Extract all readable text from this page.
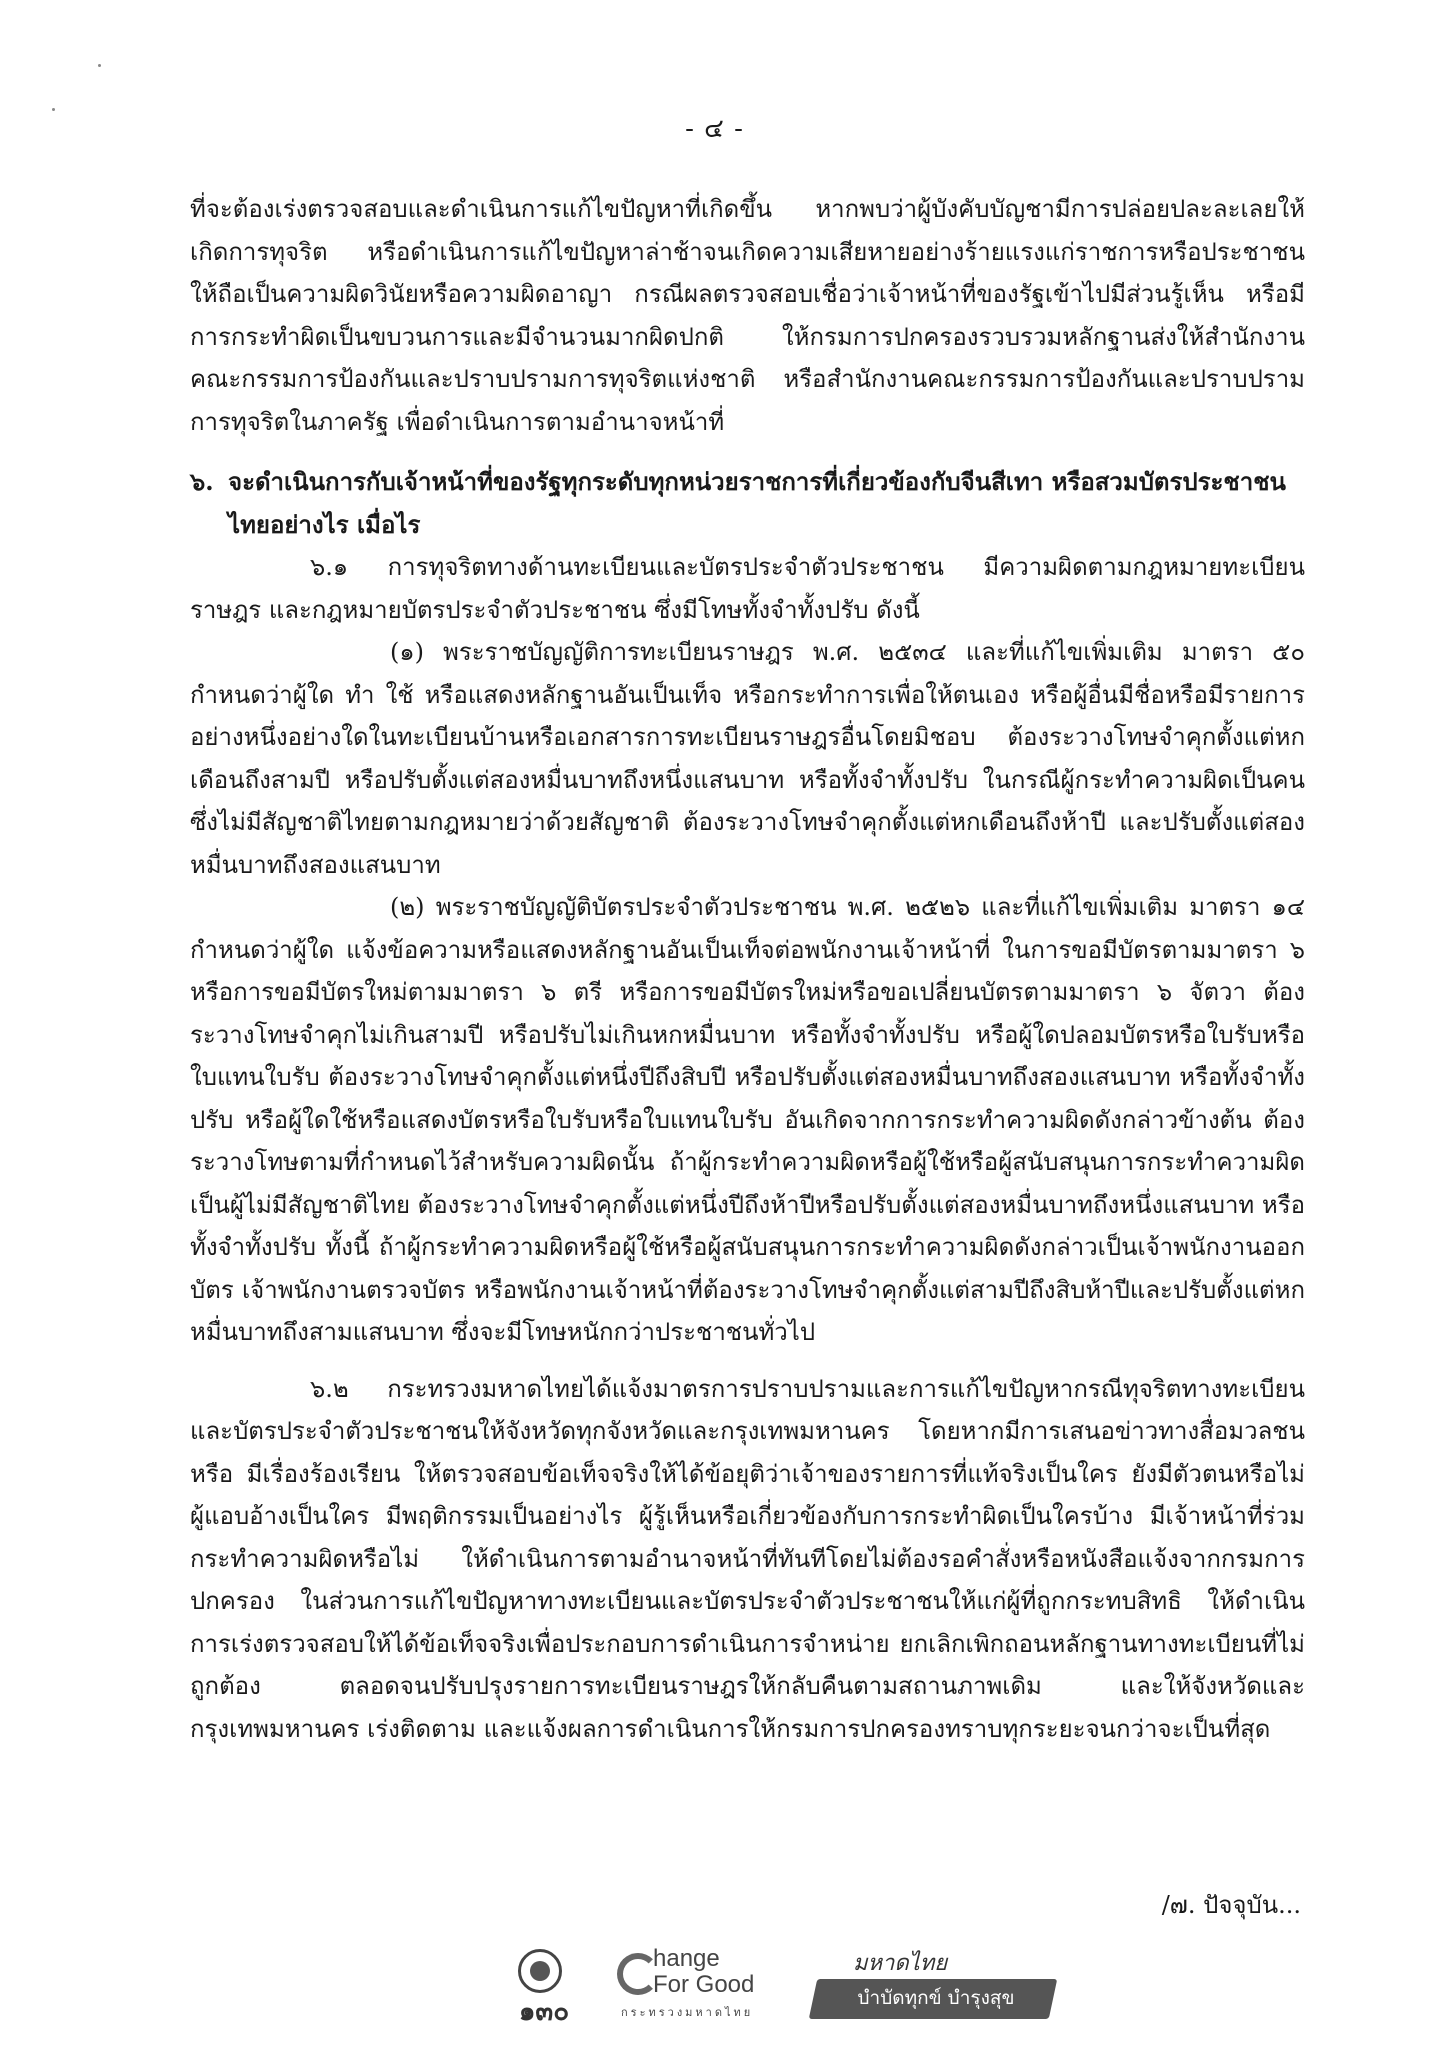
- ๔ -

ที่จะต้องเร่งตรวจสอบและดำเนินการแก้ไขปัญหาที่เกิดขึ้น หากพบว่าผู้บังคับบัญชามีการปล่อยปละละเลยให้เกิดการทุจริต หรือดำเนินการแก้ไขปัญหาล่าช้าจนเกิดความเสียหายอย่างร้ายแรงแก่ราชการหรือประชาชน ให้ถือเป็นความผิดวินัยหรือความผิดอาญา กรณีผลตรวจสอบเชื่อว่าเจ้าหน้าที่ของรัฐเข้าไปมีส่วนรู้เห็น หรือมีการกระทำผิดเป็นขบวนการและมีจำนวนมากผิดปกติ ให้กรมการปกครองรวบรวมหลักฐานส่งให้สำนักงานคณะกรรมการป้องกันและปราบปรามการทุจริตแห่งชาติ หรือสำนักงานคณะกรรมการป้องกันและปราบปรามการทุจริตในภาครัฐ เพื่อดำเนินการตามอำนาจหน้าที่

๖. จะดำเนินการกับเจ้าหน้าที่ของรัฐทุกระดับทุกหน่วยราชการที่เกี่ยวข้องกับจีนสีเทา หรือสวมบัตรประชาชนไทยอย่างไร เมื่อไร

๖.๑ การทุจริตทางด้านทะเบียนและบัตรประจำตัวประชาชน มีความผิดตามกฎหมายทะเบียนราษฎร และกฎหมายบัตรประจำตัวประชาชน ซึ่งมีโทษทั้งจำทั้งปรับ ดังนี้

(๑) พระราชบัญญัติการทะเบียนราษฎร พ.ศ. ๒๕๓๔ และที่แก้ไขเพิ่มเติม มาตรา ๕๐ กำหนดว่าผู้ใด ทำ ใช้ หรือแสดงหลักฐานอันเป็นเท็จ หรือกระทำการเพื่อให้ตนเอง หรือผู้อื่นมีชื่อหรือมีรายการอย่างหนึ่งอย่างใดในทะเบียนบ้านหรือเอกสารการทะเบียนราษฎรอื่นโดยมิชอบ ต้องระวางโทษจำคุกตั้งแต่หกเดือนถึงสามปี หรือปรับตั้งแต่สองหมื่นบาทถึงหนึ่งแสนบาท หรือทั้งจำทั้งปรับ ในกรณีผู้กระทำความผิดเป็นคนซึ่งไม่มีสัญชาติไทยตามกฎหมายว่าด้วยสัญชาติ ต้องระวางโทษจำคุกตั้งแต่หกเดือนถึงห้าปี และปรับตั้งแต่สองหมื่นบาทถึงสองแสนบาท

(๒) พระราชบัญญัติบัตรประจำตัวประชาชน พ.ศ. ๒๕๒๖ และที่แก้ไขเพิ่มเติม มาตรา ๑๔ กำหนดว่าผู้ใด แจ้งข้อความหรือแสดงหลักฐานอันเป็นเท็จต่อพนักงานเจ้าหน้าที่ ในการขอมีบัตรตามมาตรา ๖ หรือการขอมีบัตรใหม่ตามมาตรา ๖ ตรี หรือการขอมีบัตรใหม่หรือขอเปลี่ยนบัตรตามมาตรา ๖ จัตวา ต้องระวางโทษจำคุกไม่เกินสามปี หรือปรับไม่เกินหกหมื่นบาท หรือทั้งจำทั้งปรับ หรือผู้ใดปลอมบัตรหรือใบรับหรือใบแทนใบรับ ต้องระวางโทษจำคุกตั้งแต่หนึ่งปีถึงสิบปี หรือปรับตั้งแต่สองหมื่นบาทถึงสองแสนบาท หรือทั้งจำทั้งปรับ หรือผู้ใดใช้หรือแสดงบัตรหรือใบรับหรือใบแทนใบรับ อันเกิดจากการกระทำความผิดดังกล่าวข้างต้น ต้องระวางโทษตามที่กำหนดไว้สำหรับความผิดนั้น ถ้าผู้กระทำความผิดหรือผู้ใช้หรือผู้สนับสนุนการกระทำความผิดเป็นผู้ไม่มีสัญชาติไทย ต้องระวางโทษจำคุกตั้งแต่หนึ่งปีถึงห้าปีหรือปรับตั้งแต่สองหมื่นบาทถึงหนึ่งแสนบาท หรือทั้งจำทั้งปรับ ทั้งนี้ ถ้าผู้กระทำความผิดหรือผู้ใช้หรือผู้สนับสนุนการกระทำความผิดดังกล่าวเป็นเจ้าพนักงานออกบัตร เจ้าพนักงานตรวจบัตร หรือพนักงานเจ้าหน้าที่ต้องระวางโทษจำคุกตั้งแต่สามปีถึงสิบห้าปีและปรับตั้งแต่หกหมื่นบาทถึงสามแสนบาท ซึ่งจะมีโทษหนักกว่าประชาชนทั่วไป

๖.๒ กระทรวงมหาดไทยได้แจ้งมาตรการปราบปรามและการแก้ไขปัญหากรณีทุจริตทางทะเบียนและบัตรประจำตัวประชาชนให้จังหวัดทุกจังหวัดและกรุงเทพมหานคร โดยหากมีการเสนอข่าวทางสื่อมวลชนหรือ มีเรื่องร้องเรียน ให้ตรวจสอบข้อเท็จจริงให้ได้ข้อยุติว่าเจ้าของรายการที่แท้จริงเป็นใคร ยังมีตัวตนหรือไม่ ผู้แอบอ้างเป็นใคร มีพฤติกรรมเป็นอย่างไร ผู้รู้เห็นหรือเกี่ยวข้องกับการกระทำผิดเป็นใครบ้าง มีเจ้าหน้าที่ร่วมกระทำความผิดหรือไม่ ให้ดำเนินการตามอำนาจหน้าที่ทันทีโดยไม่ต้องรอคำสั่งหรือหนังสือแจ้งจากกรมการปกครอง ในส่วนการแก้ไขปัญหาทางทะเบียนและบัตรประจำตัวประชาชนให้แก่ผู้ที่ถูกกระทบสิทธิ ให้ดำเนินการเร่งตรวจสอบให้ได้ข้อเท็จจริงเพื่อประกอบการดำเนินการจำหน่าย ยกเลิกเพิกถอนหลักฐานทางทะเบียนที่ไม่ถูกต้อง ตลอดจนปรับปรุงรายการทะเบียนราษฎรให้กลับคืนตามสถานภาพเดิม และให้จังหวัดและกรุงเทพมหานคร เร่งติดตาม และแจ้งผลการดำเนินการให้กรมการปกครองทราบทุกระยะจนกว่าจะเป็นที่สุด

/๗. ปัจจุบัน...
๑๓๐
hange
For Good
กระทรวงมหาดไทย
มหาดไทย
บำบัดทุกข์ บำรุงสุข
